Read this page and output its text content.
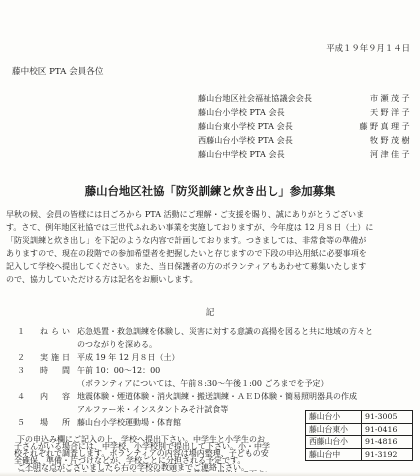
平成１９年９月１４日
藤中校区 PTA 会員各位
藤山台地区社会福祉協議会会長	市瀬茂子
藤山台小学校 PTA 会長	天野洋子
藤山台東小学校 PTA 会長	藤野真理子
西藤山台小学校 PTA 会長	牧野茂樹
藤山台中学校 PTA 会長	河津佳子
藤山台地区社協「防災訓練と炊き出し」参加募集
早秋の候、会員の皆様には日ごろから PTA 活動にご理解・ご支援を賜り、誠にありがとうございま
す。さて、例年地区社協では三世代ふれあい事業を実施しておりますが、今年度は 12 月８日（土）に
「防災訓練と炊き出し」を下記のような内容で計画しております。つきましては、非常食等の準備が
ありますので、現在の段階での参加希望者を把握したいと存じますので下段の申込用紙に必要事項を
記入して学校へ提出してください。また、当日保護者の方のボランティアもあわせて募集いたします
ので、協力していただける方は記名をお願いします。
記
１ ねらい 応急処置・救急訓練を体験し、災害に対する意識の高揚を図ると共に地域の方々と
のつながりを深める。
２ 実施日 平成 19 年 12 月８日（土）
３ 時　間 午前 10：00～12：00
（ボランティアについては、午前８:30～午後１:00 ごろまでを予定）
４ 内　容 地震体験・煙道体験・消火訓練・搬送訓練・ＡＥＤ体験・簡易照明器具の作成
アルファー米・インスタントみそ汁試食等
５ 場　所 藤山台小学校運動場・体育館
下の申込み欄にご記入の上、学校へ提出下さい。中学生と小学生のお
子さんがいる場合には、中学校、小学校別で提出して下さい。小・中学
校それぞれで調査します。ボランティアの内容は場内整理、子どもの安
全確保、準備・片づけなどが、学校ごとに分担される予定です。
ご不明な点がございましたら右の学校の教頭までご連絡下さい。
藤山台小	91-3005
藤山台東小	91-0416
西藤山台小	91-4816
藤山台中	91-3192
